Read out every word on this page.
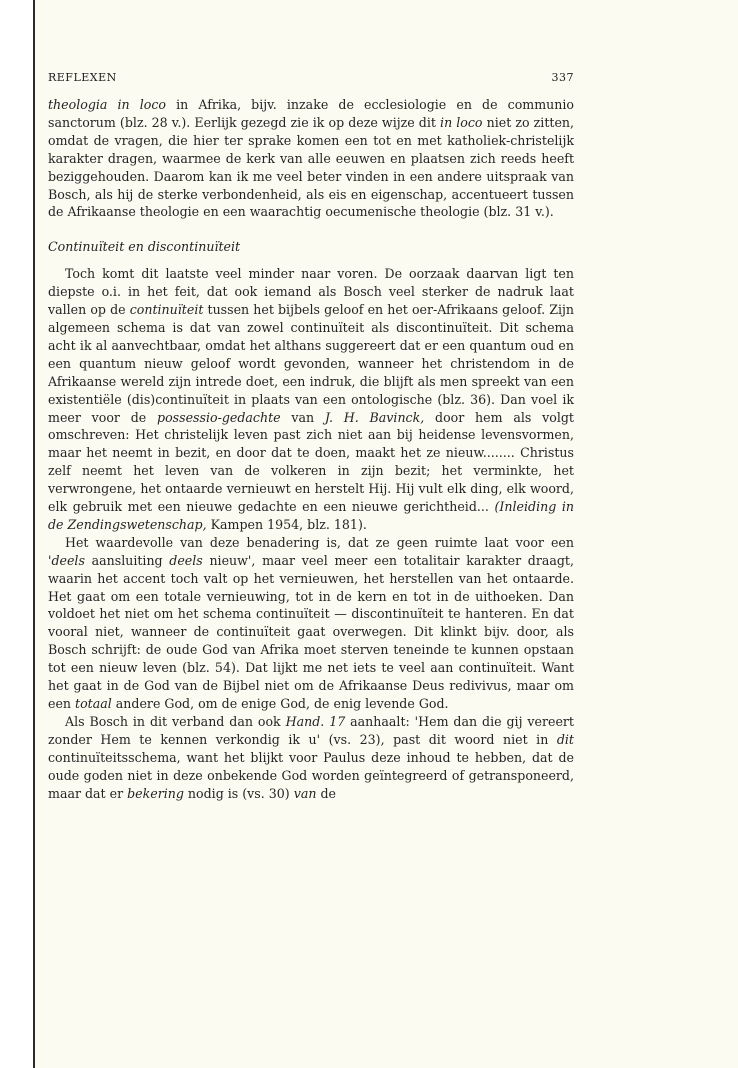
REFLEXEN	337

theologia in loco in Afrika, bijv. inzake de ecclesiologie en de communio sanctorum (blz. 28 v.). Eerlijk gezegd zie ik op deze wijze dit in loco niet zo zitten, omdat de vragen, die hier ter sprake komen een tot en met katholiek-christelijk karakter dragen, waarmee de kerk van alle eeuwen en plaatsen zich reeds heeft beziggehouden. Daarom kan ik me veel beter vinden in een andere uitspraak van Bosch, als hij de sterke verbondenheid, als eis en eigenschap, accentueert tussen de Afrikaanse theologie en een waarachtig oecumenische theologie (blz. 31 v.).

Continuïteit en discontinuïteit

Toch komt dit laatste veel minder naar voren. De oorzaak daarvan ligt ten diepste o.i. in het feit, dat ook iemand als Bosch veel sterker de nadruk laat vallen op de continuïteit tussen het bijbels geloof en het oer-Afrikaans geloof. Zijn algemeen schema is dat van zowel continuïteit als discontinuïteit. Dit schema acht ik al aanvechtbaar, omdat het althans suggereert dat er een quantum oud en een quantum nieuw geloof wordt gevonden, wanneer het christendom in de Afrikaanse wereld zijn intrede doet, een indruk, die blijft als men spreekt van een existentiële (dis)continuïteit in plaats van een ontologische (blz. 36). Dan voel ik meer voor de possessio-gedachte van J. H. Bavinck, door hem als volgt omschreven: Het christelijk leven past zich niet aan bij heidense levensvormen, maar het neemt in bezit, en door dat te doen, maakt het ze nieuw........ Christus zelf neemt het leven van de volkeren in zijn bezit; het verminkte, het verwrongene, het ontaarde vernieuwt en herstelt Hij. Hij vult elk ding, elk woord, elk gebruik met een nieuwe gedachte en een nieuwe gerichtheid... (Inleiding in de Zendingswetenschap, Kampen 1954, blz. 181).

Het waardevolle van deze benadering is, dat ze geen ruimte laat voor een 'deels aansluiting deels nieuw', maar veel meer een totalitair karakter draagt, waarin het accent toch valt op het vernieuwen, het herstellen van het ontaarde. Het gaat om een totale vernieuwing, tot in de kern en tot in de uithoeken. Dan voldoet het niet om het schema continuïteit — discontinuïteit te hanteren. En dat vooral niet, wanneer de continuïteit gaat overwegen. Dit klinkt bijv. door, als Bosch schrijft: de oude God van Afrika moet sterven teneinde te kunnen opstaan tot een nieuw leven (blz. 54). Dat lijkt me net iets te veel aan continuïteit. Want het gaat in de God van de Bijbel niet om de Afrikaanse Deus redivivus, maar om een totaal andere God, om de enige God, de enig levende God.

Als Bosch in dit verband dan ook Hand. 17 aanhaalt: 'Hem dan die gij vereert zonder Hem te kennen verkondig ik u' (vs. 23), past dit woord niet in dit continuïteitsschema, want het blijkt voor Paulus deze inhoud te hebben, dat de oude goden niet in deze onbekende God worden geïntegreerd of getransponeerd, maar dat er bekering nodig is (vs. 30) van de
